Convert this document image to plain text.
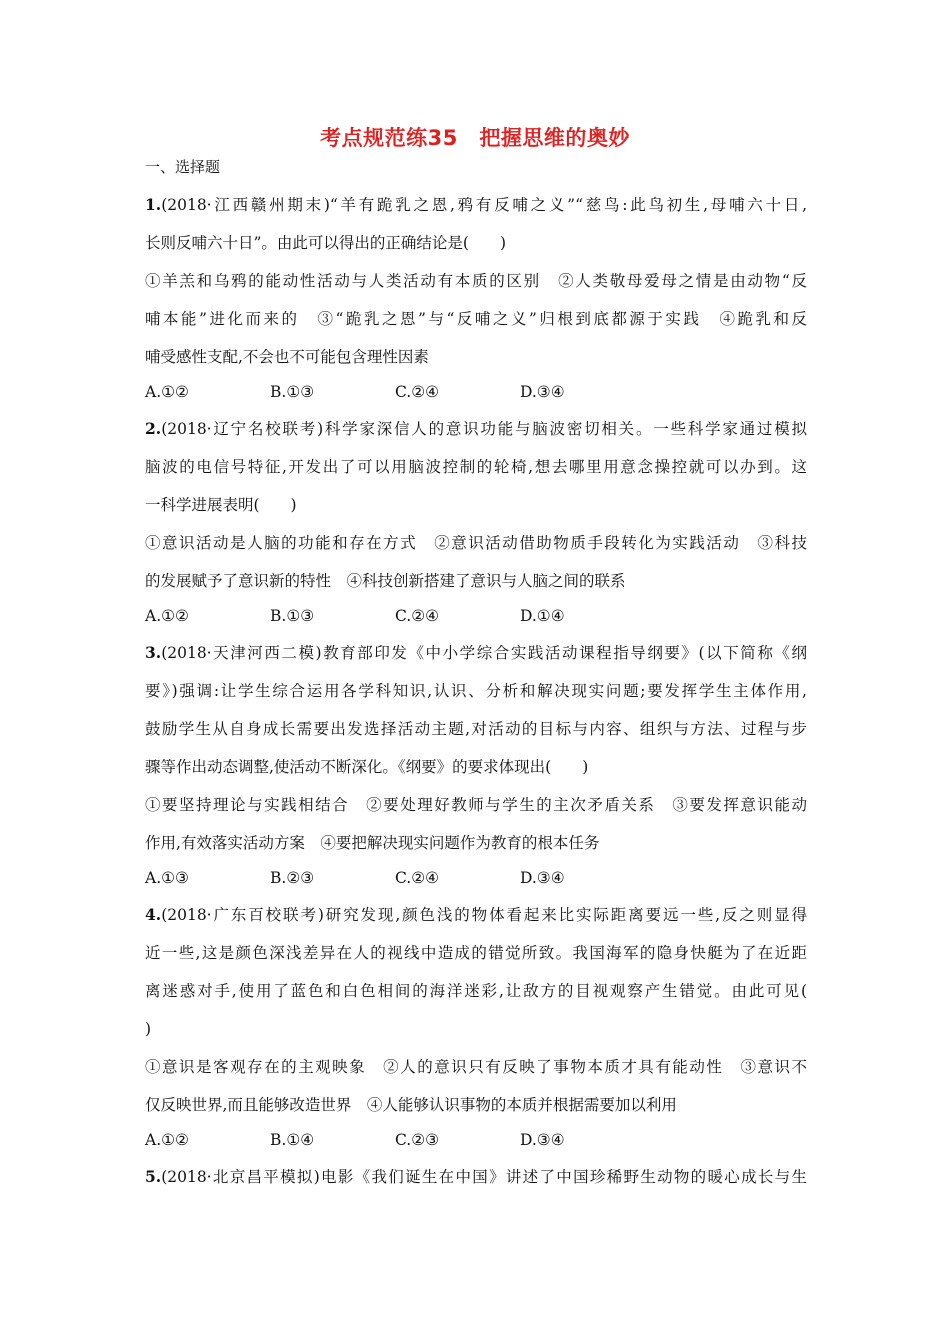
考点规范练35　把握思维的奥妙
一、选择题
1.(2018·江西赣州期末)“羊有跪乳之恩,鸦有反哺之义”“慈鸟:此鸟初生,母哺六十日,
长则反哺六十日”。由此可以得出的正确结论是(　　)
①羊羔和乌鸦的能动性活动与人类活动有本质的区别　②人类敬母爱母之情是由动物“反
哺本能”进化而来的　③“跪乳之恩”与“反哺之义”归根到底都源于实践　④跪乳和反
哺受感性支配,不会也不可能包含理性因素
A.①②	B.①③	C.②④	D.③④
2.(2018·辽宁名校联考)科学家深信人的意识功能与脑波密切相关。一些科学家通过模拟
脑波的电信号特征,开发出了可以用脑波控制的轮椅,想去哪里用意念操控就可以办到。这
一科学进展表明(　　)
①意识活动是人脑的功能和存在方式　②意识活动借助物质手段转化为实践活动　③科技
的发展赋予了意识新的特性　④科技创新搭建了意识与人脑之间的联系
A.①②	B.①③	C.②④	D.①④
3.(2018·天津河西二模)教育部印发《中小学综合实践活动课程指导纲要》(以下简称《纲
要》)强调:让学生综合运用各学科知识,认识、分析和解决现实问题;要发挥学生主体作用,
鼓励学生从自身成长需要出发选择活动主题,对活动的目标与内容、组织与方法、过程与步
骤等作出动态调整,使活动不断深化。《纲要》的要求体现出(　　)
①要坚持理论与实践相结合　②要处理好教师与学生的主次矛盾关系　③要发挥意识能动
作用,有效落实活动方案　④要把解决现实问题作为教育的根本任务
A.①③	B.②③	C.②④	D.③④
4.(2018·广东百校联考)研究发现,颜色浅的物体看起来比实际距离要远一些,反之则显得
近一些,这是颜色深浅差异在人的视线中造成的错觉所致。我国海军的隐身快艇为了在近距
离迷惑对手,使用了蓝色和白色相间的海洋迷彩,让敌方的目视观察产生错觉。由此可见(
)
①意识是客观存在的主观映象　②人的意识只有反映了事物本质才具有能动性　③意识不
仅反映世界,而且能够改造世界　④人能够认识事物的本质并根据需要加以利用
A.①②	B.①④	C.②③	D.③④
5.(2018·北京昌平模拟)电影《我们诞生在中国》讲述了中国珍稀野生动物的暖心成长与生
